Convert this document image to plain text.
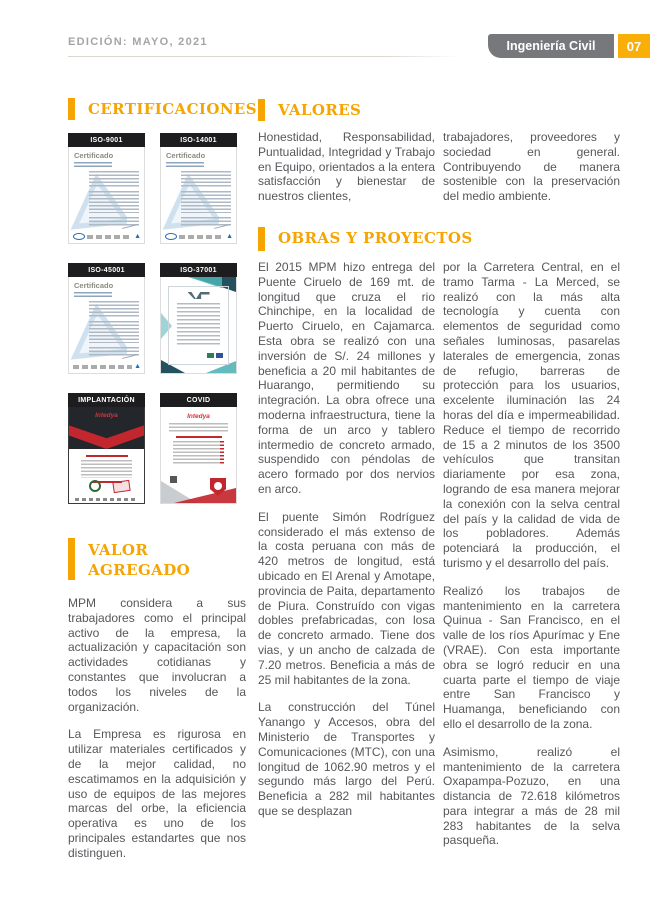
EDICIÓN: MAYO, 2021	Ingeniería Civil 07
CERTIFICACIONES
ISO-9001
Certificado
▲
ISO-14001
Certificado
▲
ISO-45001
Certificado
▲
ISO-37001
IMPLANTACIÓN
Intedya
COVID
Intedya
VALOR
AGREGADO

MPM considera a sus trabajadores como el principal activo de la empresa, la actualización y capacitación son actividades cotidianas y constantes que involucran a todos los niveles de la organización.

La Empresa es rigurosa en utilizar materiales certificados y de la mejor calidad, no escatimamos en la adquisición y uso de equipos de las mejores marcas del orbe, la eficiencia operativa es uno de los principales estandartes que nos distinguen.

VALORES

Honestidad, Responsabilidad, Puntualidad, Integridad y Trabajo en Equipo, orientados a la entera satisfacción y bienestar de nuestros clientes,

trabajadores, proveedores y sociedad en general. Contribuyendo de manera sostenible con la preservación del medio ambiente.

OBRAS Y PROYECTOS

El 2015 MPM hizo entrega del Puente Ciruelo de 169 mt. de longitud que cruza el rio Chinchipe, en la localidad de Puerto Ciruelo, en Cajamarca. Esta obra se realizó con una inversión de S/. 24 millones y beneficia a 20 mil habitantes de Huarango, permitiendo su integración. La obra ofrece una moderna infraestructura, tiene la forma de un arco y tablero intermedio de concreto armado, suspendido con péndolas de acero formado por dos nervios en arco.

El puente Simón Rodríguez considerado el más extenso de la costa peruana con más de 420 metros de longitud, está ubicado en El Arenal y Amotape, provincia de Paita, departamento de Piura. Construído con vigas dobles prefabricadas, con losa de concreto armado. Tiene dos vias, y un ancho de calzada de 7.20 metros. Beneficia a más de 25 mil habitantes de la zona.

La construcción del Túnel Yanango y Accesos, obra del Ministerio de Transportes y Comunicaciones (MTC), con una longitud de 1062.90 metros y el segundo más largo del Perú. Beneficia a 282 mil habitantes que se desplazan

por la Carretera Central, en el tramo Tarma - La Merced, se realizó con la más alta tecnología y cuenta con elementos de seguridad como señales luminosas, pasarelas laterales de emergencia, zonas de refugio, barreras de protección para los usuarios, excelente iluminación las 24 horas del día e impermeabilidad. Reduce el tiempo de recorrido de 15 a 2 minutos de los 3500 vehículos que transitan diariamente por esa zona, logrando de esa manera mejorar la conexión con la selva central del país y la calidad de vida de los pobladores. Además potenciará la producción, el turismo y el desarrollo del país.

Realizó los trabajos de mantenimiento en la carretera Quinua - San Francisco, en el valle de los ríos Apurímac y Ene (VRAE). Con esta importante obra se logró reducir en una cuarta parte el tiempo de viaje entre San Francisco y Huamanga, beneficiando con ello el desarrollo de la zona.

Asimismo, realizó el mantenimiento de la carretera Oxapampa-Pozuzo, en una distancia de 72.618 kilómetros para integrar a más de 28 mil 283 habitantes de la selva pasqueña.
